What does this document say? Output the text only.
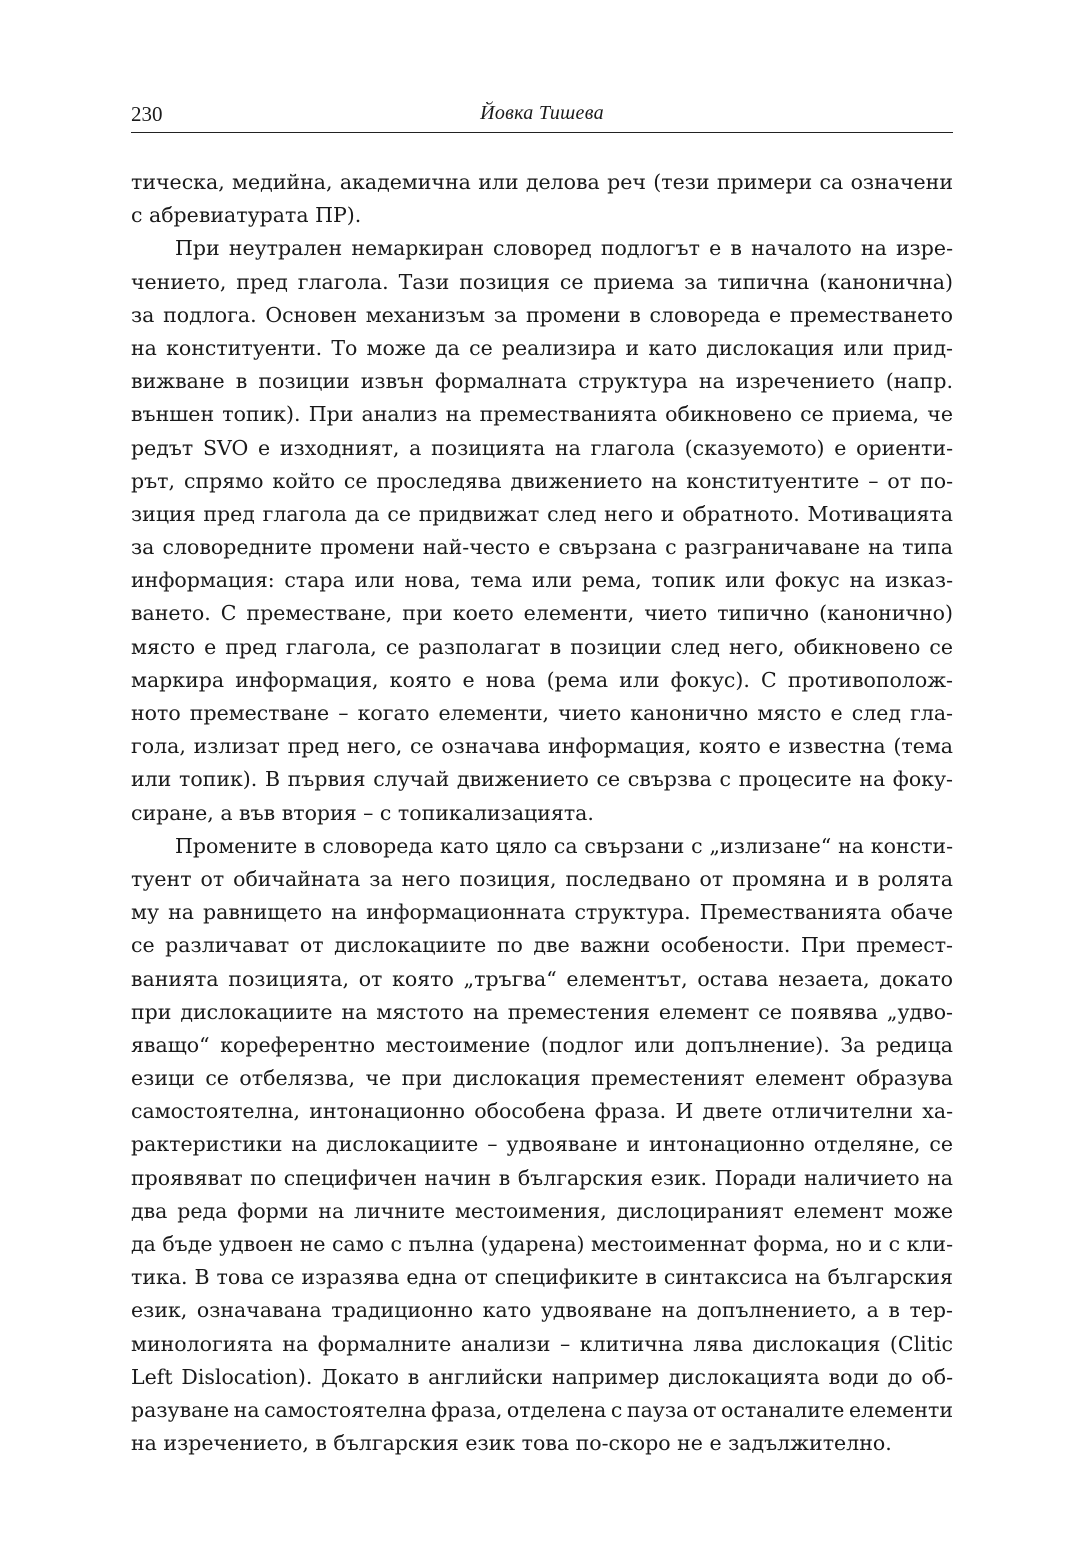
230	Йовка Тишева
тическа, медийна, академична или делова реч (тези примери са означени
с абревиатурата ПР).
При неутрален немаркиран словоред подлогът е в началото на изре-
чението, пред глагола. Тази позиция се приема за типична (канонична)
за подлога. Основен механизъм за промени в словореда е преместването
на конституенти. То може да се реализира и като дислокация или прид-
вижване в позиции извън формалната структура на изречението (напр.
външен топик). При анализ на преместванията обикновено се приема, че
редът SVO е изходният, а позицията на глагола (сказуемото) е ориенти-
рът, спрямо който се проследява движението на конституентите – от по-
зиция пред глагола да се придвижат след него и обратното. Мотивацията
за словоредните промени най-често е свързана с разграничаване на типа
информация: стара или нова, тема или рема, топик или фокус на изказ-
ването. С преместване, при което елементи, чието типично (канонично)
място е пред глагола, се разполагат в позиции след него, обикновено се
маркира информация, която е нова (рема или фокус). С противополож-
ното преместване – когато елементи, чието канонично място е след гла-
гола, излизат пред него, се означава информация, която е известна (тема
или топик). В първия случай движението се свързва с процесите на фоку-
сиране, а във втория – с топикализацията.
Промените в словореда като цяло са свързани с „излизане“ на консти-
туент от обичайната за него позиция, последвано от промяна и в ролята
му на равнището на информационната структура. Преместванията обаче
се различават от дислокациите по две важни особености. При премест-
ванията позицията, от която „тръгва“ елементът, остава незаета, докато
при дислокациите на мястото на преместения елемент се появява „удво-
яващо“ кореферентно местоимение (подлог или допълнение). За редица
езици се отбелязва, че при дислокация преместеният елемент образува
самостоятелна, интонационно обособена фраза. И двете отличителни ха-
рактеристики на дислокациите – удвояване и интонационно отделяне, се
проявяват по специфичен начин в българския език. Поради наличието на
два реда форми на личните местоимения, дислоцираният елемент може
да бъде удвоен не само с пълна (ударена) местоименнат форма, но и с кли-
тика. В това се изразява една от спецификите в синтаксиса на българския
език, означавана традиционно като удвояване на допълнението, а в тер-
минологията на формалните анализи – клитична лява дислокация (Clitic
Left Dislocation). Докато в английски например дислокацията води до об-
разуване на самостоятелна фраза, отделена с пауза от останалите елементи
на изречението, в българския език това по-скоро не е задължително.
